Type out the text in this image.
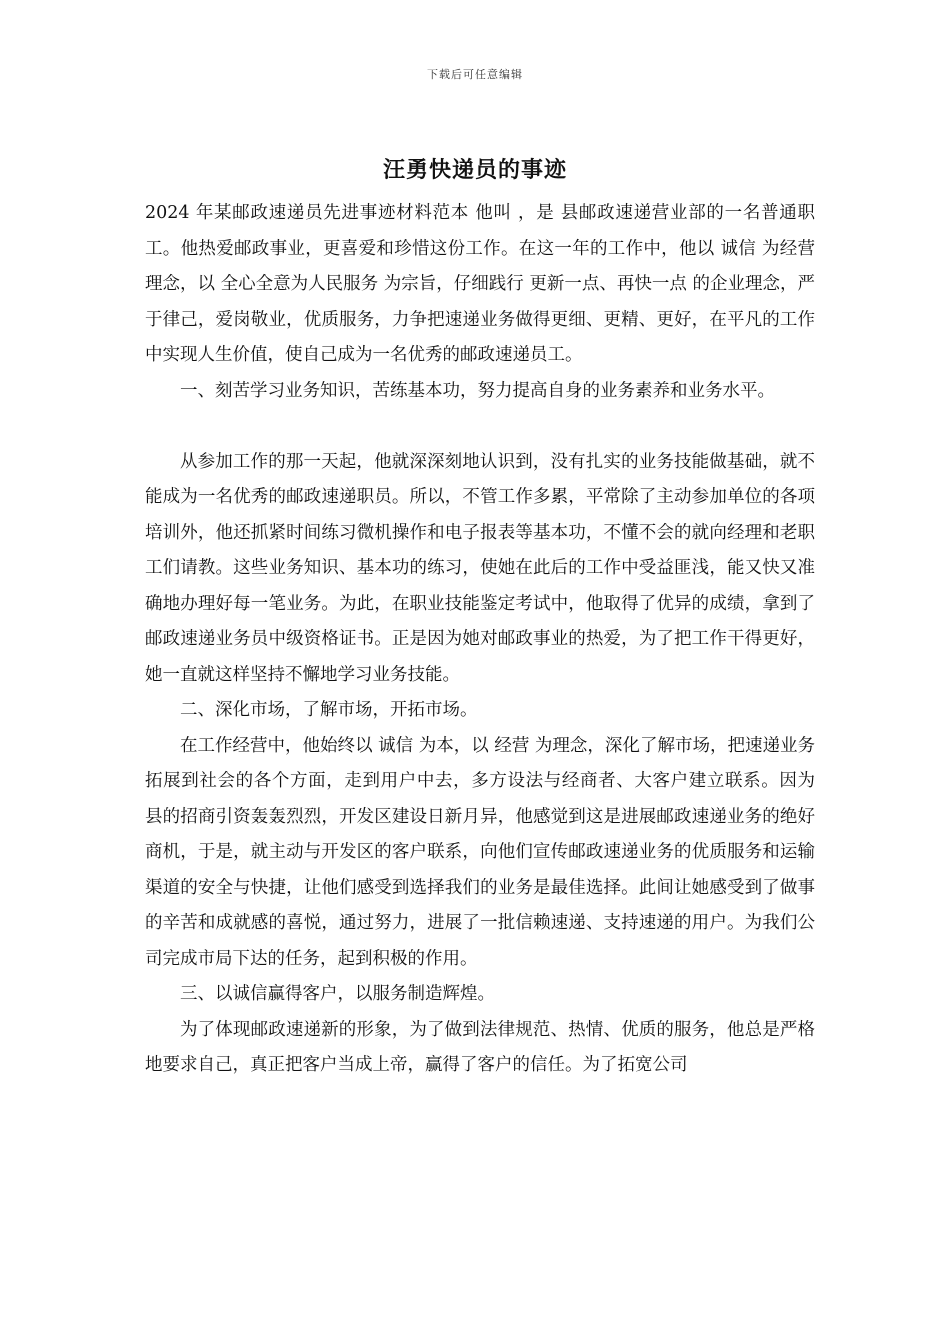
下载后可任意编辑
汪勇快递员的事迹

2024 年某邮政速递员先进事迹材料范本 他叫 ，是 县邮政速递营业部的一名普通职工。他热爱邮政事业，更喜爱和珍惜这份工作。在这一年的工作中，他以 诚信 为经营理念，以 全心全意为人民服务 为宗旨，仔细践行 更新一点、再快一点 的企业理念，严于律己，爱岗敬业，优质服务，力争把速递业务做得更细、更精、更好，在平凡的工作中实现人生价值，使自己成为一名优秀的邮政速递员工。

一、刻苦学习业务知识，苦练基本功，努力提高自身的业务素养和业务水平。

从参加工作的那一天起，他就深深刻地认识到，没有扎实的业务技能做基础，就不能成为一名优秀的邮政速递职员。所以，不管工作多累，平常除了主动参加单位的各项培训外，他还抓紧时间练习微机操作和电子报表等基本功，不懂不会的就向经理和老职工们请教。这些业务知识、基本功的练习，使她在此后的工作中受益匪浅，能又快又准确地办理好每一笔业务。为此，在职业技能鉴定考试中，他取得了优异的成绩，拿到了邮政速递业务员中级资格证书。正是因为她对邮政事业的热爱，为了把工作干得更好，她一直就这样坚持不懈地学习业务技能。

二、深化市场，了解市场，开拓市场。

在工作经营中，他始终以 诚信 为本，以 经营 为理念，深化了解市场，把速递业务拓展到社会的各个方面，走到用户中去，多方设法与经商者、大客户建立联系。因为 县的招商引资轰轰烈烈，开发区建设日新月异，他感觉到这是进展邮政速递业务的绝好商机，于是，就主动与开发区的客户联系，向他们宣传邮政速递业务的优质服务和运输渠道的安全与快捷，让他们感受到选择我们的业务是最佳选择。此间让她感受到了做事的辛苦和成就感的喜悦，通过努力，进展了一批信赖速递、支持速递的用户。为我们公司完成市局下达的任务，起到积极的作用。

三、以诚信赢得客户，以服务制造辉煌。

为了体现邮政速递新的形象，为了做到法律规范、热情、优质的服务，他总是严格地要求自己，真正把客户当成上帝，赢得了客户的信任。为了拓宽公司
